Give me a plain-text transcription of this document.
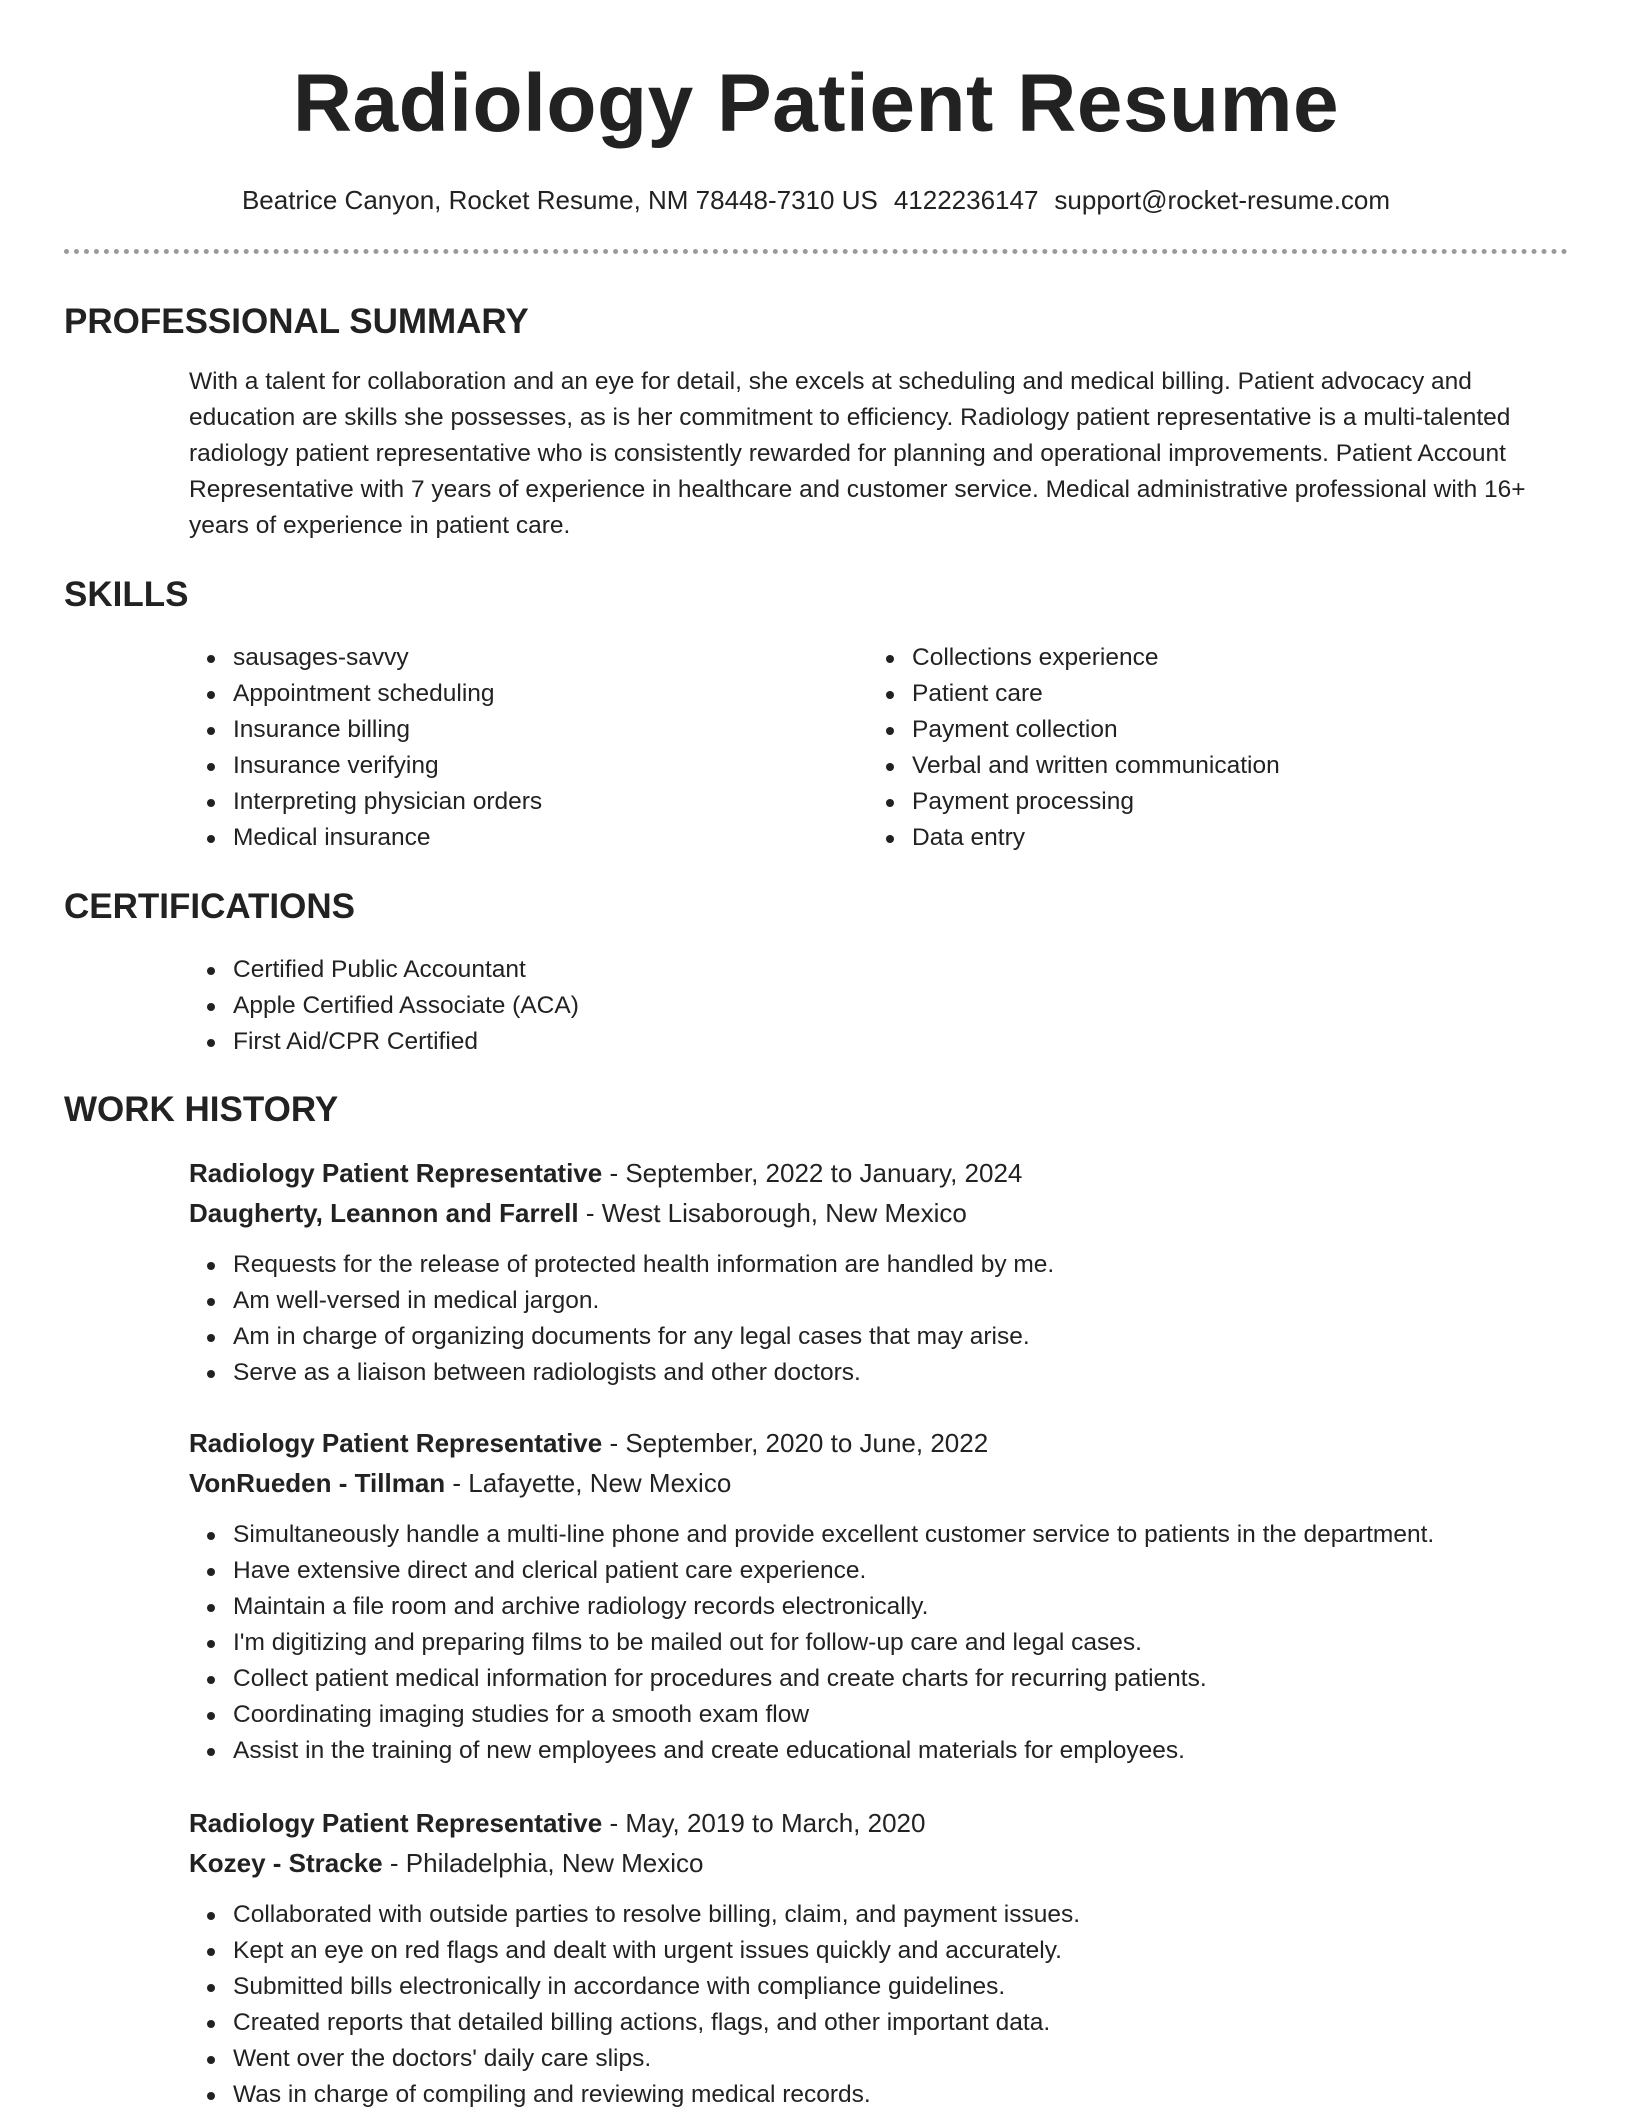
Radiology Patient Resume
Beatrice Canyon, Rocket Resume, NM 78448-7310 US 4122236147 support@rocket-resume.com
PROFESSIONAL SUMMARY

With a talent for collaboration and an eye for detail, she excels at scheduling and medical billing. Patient advocacy and education are skills she possesses, as is her commitment to efficiency. Radiology patient representative is a multi-talented radiology patient representative who is consistently rewarded for planning and operational improvements. Patient Account Representative with 7 years of experience in healthcare and customer service. Medical administrative professional with 16+ years of experience in patient care.

SKILLS
sausages-savvy
Appointment scheduling
Insurance billing
Insurance verifying
Interpreting physician orders
Medical insurance
Collections experience
Patient care
Payment collection
Verbal and written communication
Payment processing
Data entry
CERTIFICATIONS
Certified Public Accountant
Apple Certified Associate (ACA)
First Aid/CPR Certified
WORK HISTORY
Radiology Patient Representative - September, 2022 to January, 2024
Daugherty, Leannon and Farrell - West Lisaborough, New Mexico
Requests for the release of protected health information are handled by me.
Am well-versed in medical jargon.
Am in charge of organizing documents for any legal cases that may arise.
Serve as a liaison between radiologists and other doctors.
Radiology Patient Representative - September, 2020 to June, 2022
VonRueden - Tillman - Lafayette, New Mexico
Simultaneously handle a multi-line phone and provide excellent customer service to patients in the department.
Have extensive direct and clerical patient care experience.
Maintain a file room and archive radiology records electronically.
I'm digitizing and preparing films to be mailed out for follow-up care and legal cases.
Collect patient medical information for procedures and create charts for recurring patients.
Coordinating imaging studies for a smooth exam flow
Assist in the training of new employees and create educational materials for employees.
Radiology Patient Representative - May, 2019 to March, 2020
Kozey - Stracke - Philadelphia, New Mexico
Collaborated with outside parties to resolve billing, claim, and payment issues.
Kept an eye on red flags and dealt with urgent issues quickly and accurately.
Submitted bills electronically in accordance with compliance guidelines.
Created reports that detailed billing actions, flags, and other important data.
Went over the doctors' daily care slips.
Was in charge of compiling and reviewing medical records.
